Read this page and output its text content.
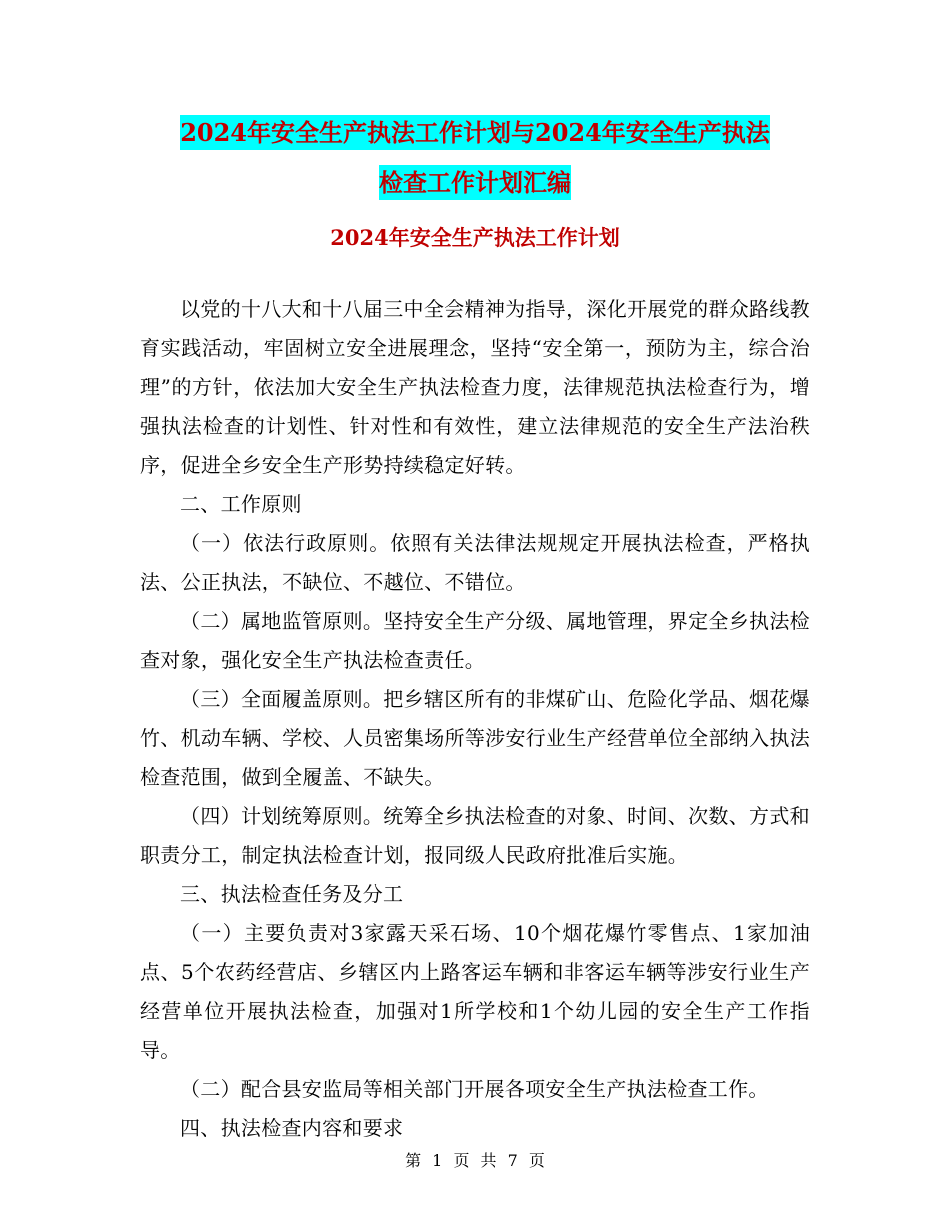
2024年安全生产执法工作计划与2024年安全生产执法
检查工作计划汇编
2024年安全生产执法工作计划

以党的十八大和十八届三中全会精神为指导，深化开展党的群众路线教育实践活动，牢固树立安全进展理念，坚持“安全第一，预防为主，综合治理”的方针，依法加大安全生产执法检查力度，法律规范执法检查行为，增强执法检查的计划性、针对性和有效性，建立法律规范的安全生产法治秩序，促进全乡安全生产形势持续稳定好转。

二、工作原则

（一）依法行政原则。依照有关法律法规规定开展执法检查，严格执法、公正执法，不缺位、不越位、不错位。

（二）属地监管原则。坚持安全生产分级、属地管理，界定全乡执法检查对象，强化安全生产执法检查责任。

（三）全面履盖原则。把乡辖区所有的非煤矿山、危险化学品、烟花爆竹、机动车辆、学校、人员密集场所等涉安行业生产经营单位全部纳入执法检查范围，做到全履盖、不缺失。

（四）计划统筹原则。统筹全乡执法检查的对象、时间、次数、方式和职责分工，制定执法检查计划，报同级人民政府批准后实施。

三、执法检查任务及分工

（一）主要负责对3家露天采石场、10个烟花爆竹零售点、1家加油点、5个农药经营店、乡辖区内上路客运车辆和非客运车辆等涉安行业生产经营单位开展执法检查，加强对1所学校和1个幼儿园的安全生产工作指导。

（二）配合县安监局等相关部门开展各项安全生产执法检查工作。

四、执法检查内容和要求

第 1 页 共 7 页
